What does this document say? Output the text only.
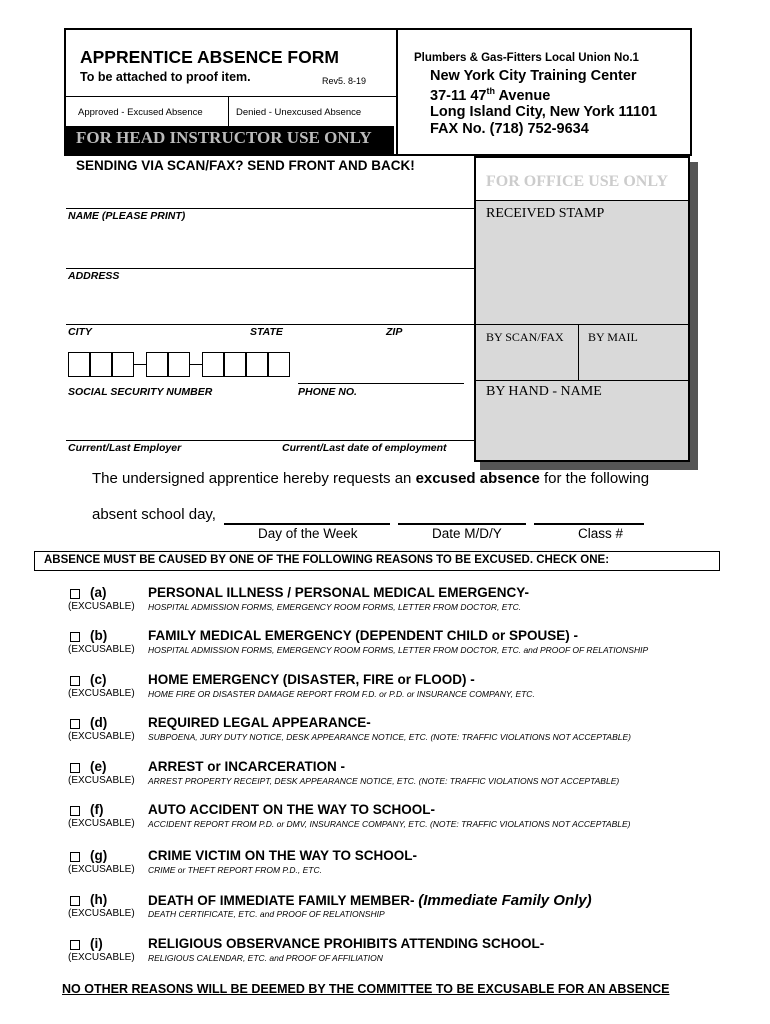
APPRENTICE ABSENCE FORM
To be attached to proof item.	Rev5. 8-19
Approved - Excused Absence	Denied - Unexcused Absence
FOR HEAD INSTRUCTOR USE ONLY
Plumbers & Gas-Fitters Local Union No.1
New York City Training Center
37-11 47th Avenue
Long Island City, New York 11101
FAX No. (718) 752-9634
SENDING VIA SCAN/FAX? SEND FRONT AND BACK!
FOR OFFICE USE ONLY
RECEIVED STAMP
BY SCAN/FAX BY MAIL
BY HAND - NAME
NAME (PLEASE PRINT)
ADDRESS
CITY	STATE	ZIP
SOCIAL SECURITY NUMBER	PHONE NO.
Current/Last Employer	Current/Last date of employment
The undersigned apprentice hereby requests an excused absence for the following
absent school day,
Day of the Week	Date M/D/Y	Class #
ABSENCE MUST BE CAUSED BY ONE OF THE FOLLOWING REASONS TO BE EXCUSED. CHECK ONE:
(a)
(EXCUSABLE)
PERSONAL ILLNESS / PERSONAL MEDICAL EMERGENCY-
HOSPITAL ADMISSION FORMS, EMERGENCY ROOM FORMS, LETTER FROM DOCTOR, ETC.
(b)
(EXCUSABLE)
FAMILY MEDICAL EMERGENCY (DEPENDENT CHILD or SPOUSE) -
HOSPITAL ADMISSION FORMS, EMERGENCY ROOM FORMS, LETTER FROM DOCTOR, ETC. and PROOF OF RELATIONSHIP
(c)
(EXCUSABLE)
HOME EMERGENCY (DISASTER, FIRE or FLOOD) -
HOME FIRE OR DISASTER DAMAGE REPORT FROM F.D. or P.D. or INSURANCE COMPANY, ETC.
(d)
(EXCUSABLE)
REQUIRED LEGAL APPEARANCE-
SUBPOENA, JURY DUTY NOTICE, DESK APPEARANCE NOTICE, ETC. (NOTE: TRAFFIC VIOLATIONS NOT ACCEPTABLE)
(e)
(EXCUSABLE)
ARREST or INCARCERATION -
ARREST PROPERTY RECEIPT, DESK APPEARANCE NOTICE, ETC. (NOTE: TRAFFIC VIOLATIONS NOT ACCEPTABLE)
(f)
(EXCUSABLE)
AUTO ACCIDENT ON THE WAY TO SCHOOL-
ACCIDENT REPORT FROM P.D. or DMV, INSURANCE COMPANY, ETC. (NOTE: TRAFFIC VIOLATIONS NOT ACCEPTABLE)
(g)
(EXCUSABLE)
CRIME VICTIM ON THE WAY TO SCHOOL-
CRIME or THEFT REPORT FROM P.D., ETC.
(h)
(EXCUSABLE)
DEATH OF IMMEDIATE FAMILY MEMBER- (Immediate Family Only)
DEATH CERTIFICATE, ETC. and PROOF OF RELATIONSHIP
(i)
(EXCUSABLE)
RELIGIOUS OBSERVANCE PROHIBITS ATTENDING SCHOOL-
RELIGIOUS CALENDAR, ETC. and PROOF OF AFFILIATION
NO OTHER REASONS WILL BE DEEMED BY THE COMMITTEE TO BE EXCUSABLE FOR AN ABSENCE
